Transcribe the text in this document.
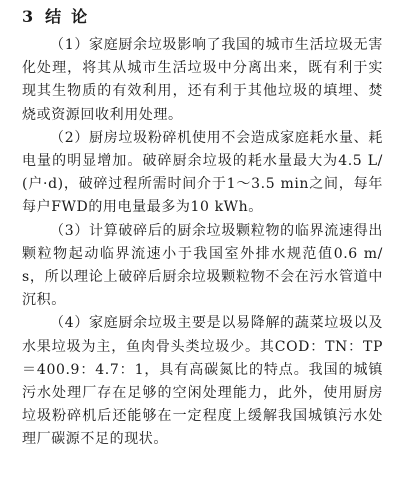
3 结论

（1）家庭厨余垃圾影响了我国的城市生活垃圾无害化处理，将其从城市生活垃圾中分离出来，既有利于实现其生物质的有效利用，还有利于其他垃圾的填埋、焚烧或资源回收利用处理。

（2）厨房垃圾粉碎机使用不会造成家庭耗水量、耗电量的明显增加。破碎厨余垃圾的耗水量最大为4.5 L/(户·d)，破碎过程所需时间介于1～3.5 min之间，每年每户FWD的用电量最多为10 kWh。

（3）计算破碎后的厨余垃圾颗粒物的临界流速得出颗粒物起动临界流速小于我国室外排水规范值0.6 m/s，所以理论上破碎后厨余垃圾颗粒物不会在污水管道中沉积。

（4）家庭厨余垃圾主要是以易降解的蔬菜垃圾以及水果垃圾为主，鱼肉骨头类垃圾少。其COD：TN：TP＝400.9：4.7：1，具有高碳氮比的特点。我国的城镇污水处理厂存在足够的空闲处理能力，此外，使用厨房垃圾粉碎机后还能够在一定程度上缓解我国城镇污水处理厂碳源不足的现状。
